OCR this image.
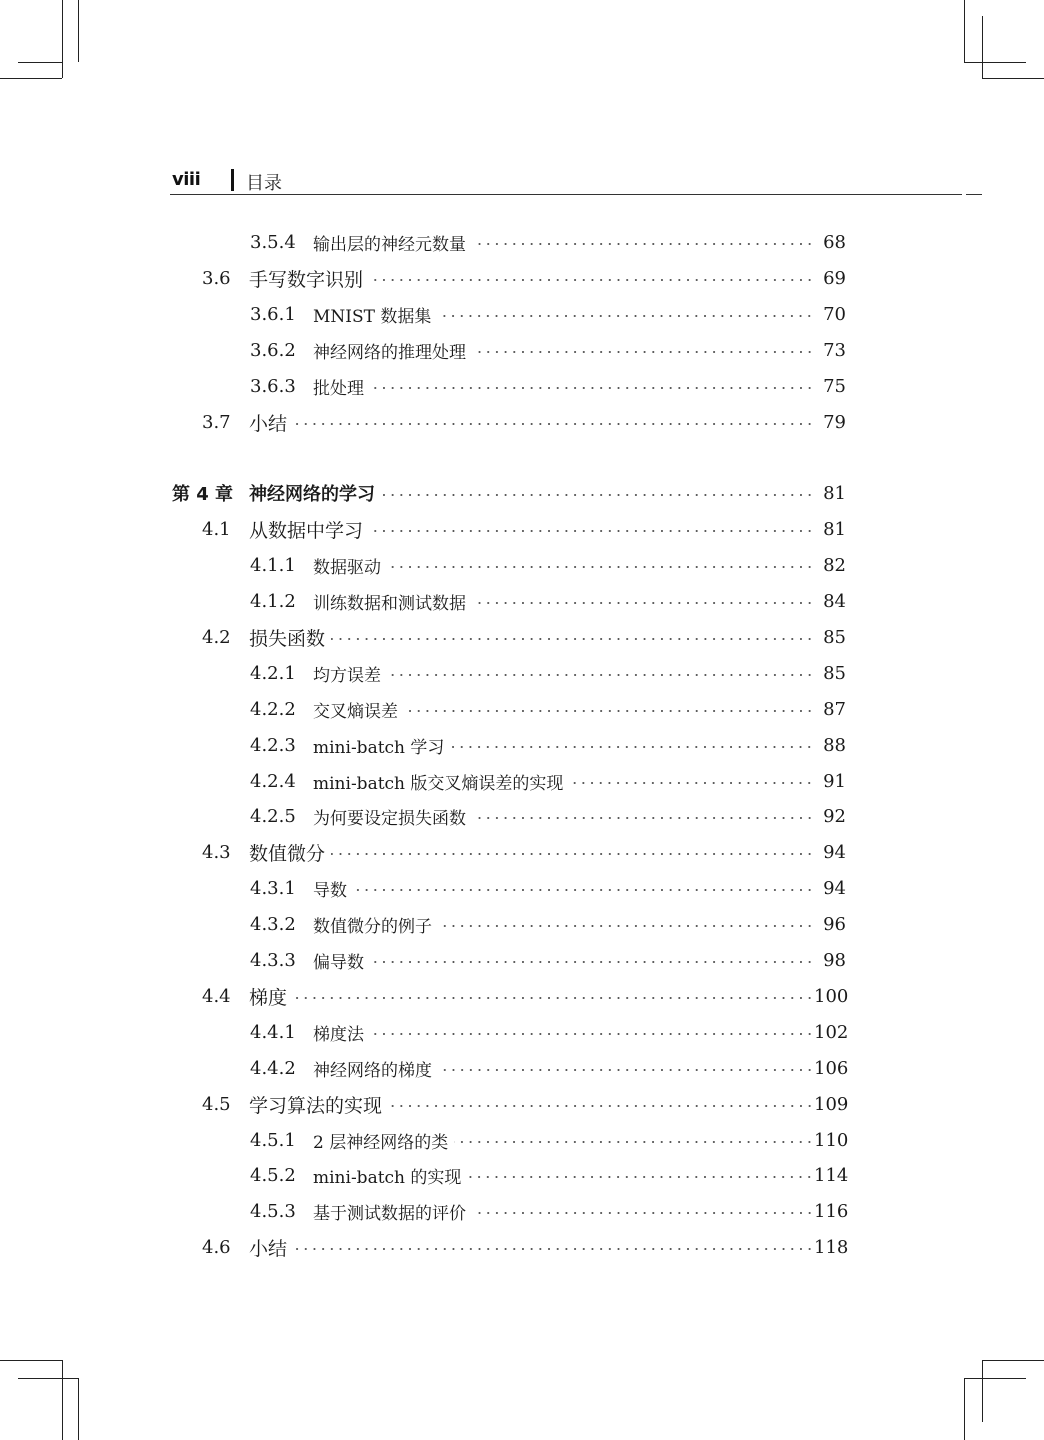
viii	目录
3.5.4 输出层的神经元数量	68
3.6 手写数字识别	69
3.6.1 MNIST 数据集	70
3.6.2 神经网络的推理处理	73
3.6.3 批处理	75
3.7 小结	79
第 4 章 神经网络的学习	81
4.1 从数据中学习	81
4.1.1 数据驱动	82
4.1.2 训练数据和测试数据	84
4.2 损失函数	85
4.2.1 均方误差	85
4.2.2 交叉熵误差	87
4.2.3 mini-batch 学习	88
4.2.4 mini-batch 版交叉熵误差的实现	91
4.2.5 为何要设定损失函数	92
4.3 数值微分	94
4.3.1 导数	94
4.3.2 数值微分的例子	96
4.3.3 偏导数	98
4.4 梯度	100
4.4.1 梯度法	102
4.4.2 神经网络的梯度	106
4.5 学习算法的实现	109
4.5.1 2 层神经网络的类	110
4.5.2 mini-batch 的实现	114
4.5.3 基于测试数据的评价	116
4.6 小结	118
